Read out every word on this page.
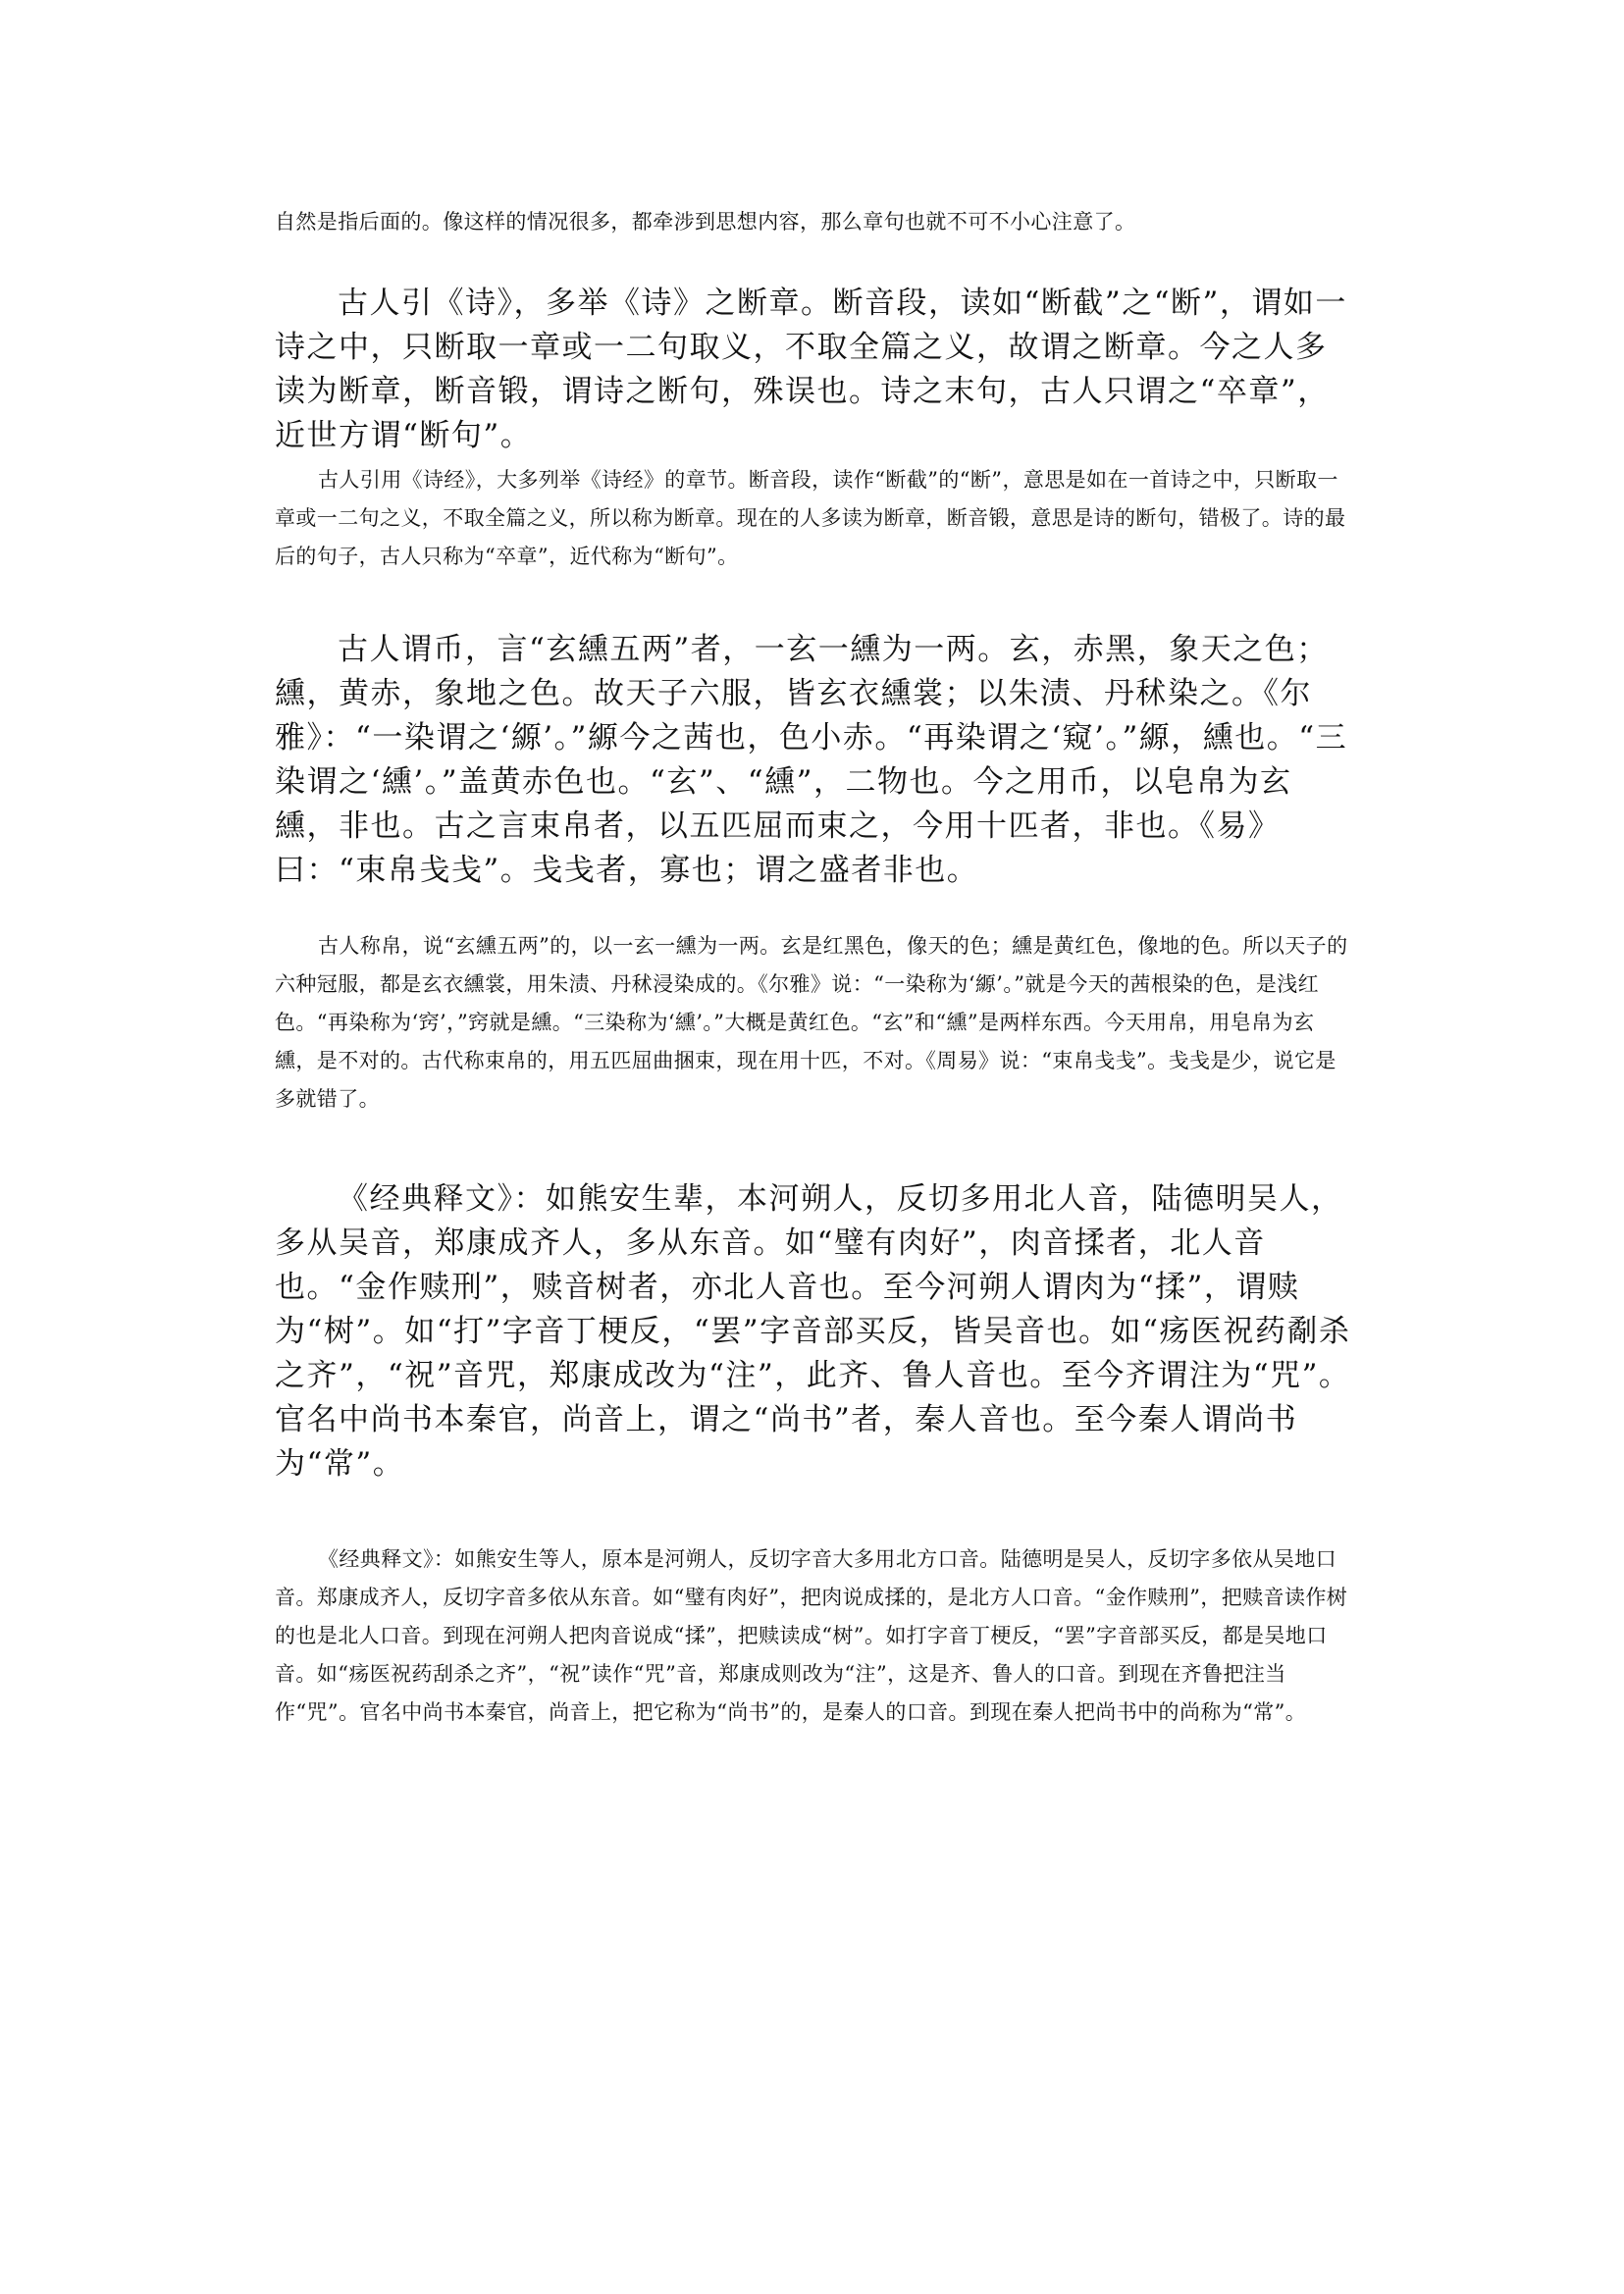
自然是指后面的。像这样的情况很多，都牵涉到思想内容，那么章句也就不可不小心注意了。

古人引《诗》，多举《诗》之断章。断音段，读如“断截”之“断”，谓如一诗之中，只断取一章或一二句取义，不取全篇之义，故谓之断章。今之人多读为断章，断音锻，谓诗之断句，殊误也。诗之末句，古人只谓之“卒章”，近世方谓“断句”。

古人引用《诗经》，大多列举《诗经》的章节。断音段，读作“断截”的“断”，意思是如在一首诗之中，只断取一章或一二句之义，不取全篇之义，所以称为断章。现在的人多读为断章，断音锻，意思是诗的断句，错极了。诗的最后的句子，古人只称为“卒章”，近代称为“断句”。

古人谓币，言“玄纁五两”者，一玄一纁为一两。玄，赤黑，象天之色；纁，黄赤，象地之色。故天子六服，皆玄衣纁裳；以朱渍、丹秫染之。《尔雅》：“一染谓之‘縓’。”縓今之茜也，色小赤。“再染谓之‘窥’。”縓，纁也。“三染谓之‘纁’。”盖黄赤色也。“玄”、“纁”，二物也。今之用币，以皂帛为玄纁，非也。古之言束帛者，以五匹屈而束之，今用十匹者，非也。《易》曰：“束帛戋戋”。戋戋者，寡也；谓之盛者非也。

古人称帛，说“玄纁五两”的，以一玄一纁为一两。玄是红黑色，像天的色；纁是黄红色，像地的色。所以天子的六种冠服，都是玄衣纁裳，用朱渍、丹秫浸染成的。《尔雅》说：“一染称为‘縓’。”就是今天的茜根染的色，是浅红色。“再染称为‘窍’，”窍就是纁。“三染称为‘纁’。”大概是黄红色。“玄”和“纁”是两样东西。今天用帛，用皂帛为玄纁，是不对的。古代称束帛的，用五匹屈曲捆束，现在用十匹，不对。《周易》说：“束帛戋戋”。戋戋是少，说它是多就错了。

《经典释文》：如熊安生辈，本河朔人，反切多用北人音，陆德明吴人，多从吴音，郑康成齐人，多从东音。如“璧有肉好”，肉音揉者，北人音也。“金作赎刑”，赎音树者，亦北人音也。至今河朔人谓肉为“揉”，谓赎为“树”。如“打”字音丁梗反，“罢”字音部买反，皆吴音也。如“疡医祝药劀杀之齐”，“祝”音咒，郑康成改为“注”，此齐、鲁人音也。至今齐谓注为“咒”。官名中尚书本秦官，尚音上，谓之“尚书”者，秦人音也。至今秦人谓尚书为“常”。

《经典释文》：如熊安生等人，原本是河朔人，反切字音大多用北方口音。陆德明是吴人，反切字多依从吴地口音。郑康成齐人，反切字音多依从东音。如“璧有肉好”，把肉说成揉的，是北方人口音。“金作赎刑”，把赎音读作树的也是北人口音。到现在河朔人把肉音说成“揉”，把赎读成“树”。如打字音丁梗反，“罢”字音部买反，都是吴地口音。如“疡医祝药刮杀之齐”，“祝”读作“咒”音，郑康成则改为“注”，这是齐、鲁人的口音。到现在齐鲁把注当作“咒”。官名中尚书本秦官，尚音上，把它称为“尚书”的，是秦人的口音。到现在秦人把尚书中的尚称为“常”。
